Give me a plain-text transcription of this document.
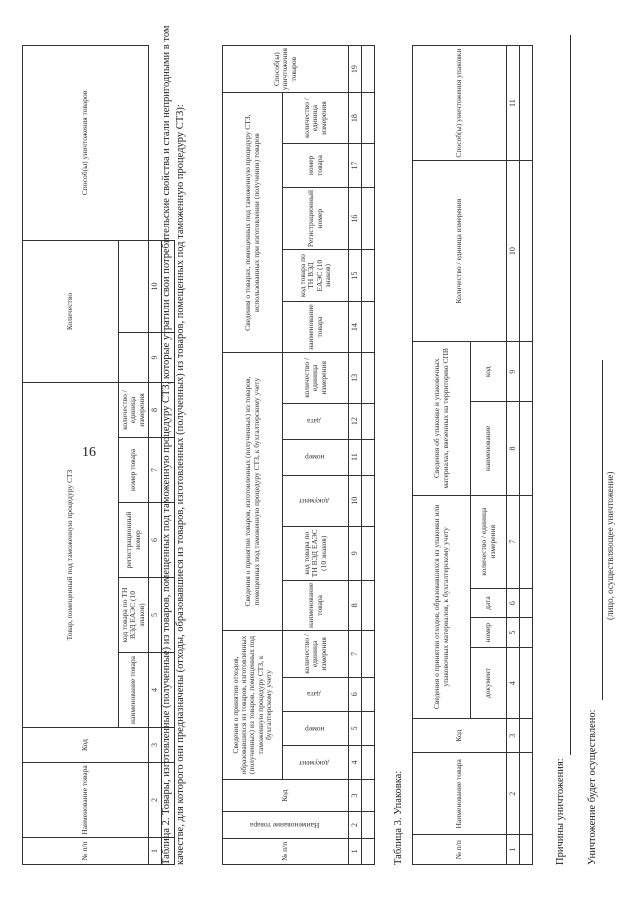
16
№ п/п	Наименование товара	Код	Товар, помещенный под таможенную процедуру СТЗ					Количество		Способ(ы) уничтожения товаров
			наименование товара	код товара по ТН ВЭД ЕАЭС (10 знаков)	регистрационный номер	номер товара	количество / единица измерения			
1	2	3	4	5	6	7	8	9	10	
									Таблица 2. Товары, изготовленные (полученные) из товаров, помещенных под таможенную процедуру СТЗ, которые утратили свои потребительские свойства и стали непригодными в том качестве, для которого они предназначены (отходы, образовавшиеся из товаров, изготовленных (полученных) из товаров, помещенных под таможенную процедуру СТЗ):	№ п/п	Наименование товара	Код	Сведения о принятии отходов, образовавшихся из товаров, изготовленных (полученных) из товаров, помещенных под таможенную процедуру СТЗ, к бухгалтерскому учету				Сведения о принятии товаров, изготовленных (полученных) из товаров, помещенных под таможенную процедуру СТЗ, к бухгалтерскому учету						Сведения о товарах, помещенных под таможенную процедуру СТЗ, использованных при изготовлении (получении) товаров					Способ(ы) уничтожения товаров
			документ	номер	дата	количество / единица измерения	наименование товара	код товара по ТН ВЭД ЕАЭС (10 знаков)	документ	номер	дата	количество / единица измерения	наименование товара	код товара по ТН ВЭД ЕАЭС (10 знаков)	Регистрационный номер	номер товара	количество / единица измерения	

1	2	3	4	5	6	7	8	9	10	11	12	13	14	15	16	17	18	19

Таблица 3. Упаковка:	№ п/п	Наименование товара	Код	Сведения о принятии отходов, образовавшихся из упаковки или упаковочных материалов, к бухгалтерскому учету				Сведения об упаковке и упаковочных материалах, ввезенных на территорию СПВ		Количество / единица измерения	Способ(ы) уничтожения упаковки
			документ	номер	дата	количество / единица измерения	наименование	код		
1	2	3	4	5	6	7	8	9	10	11

Причины уничтожения: Уничтожение будет осуществлено:
(лицо, осуществляющее уничтожение)
